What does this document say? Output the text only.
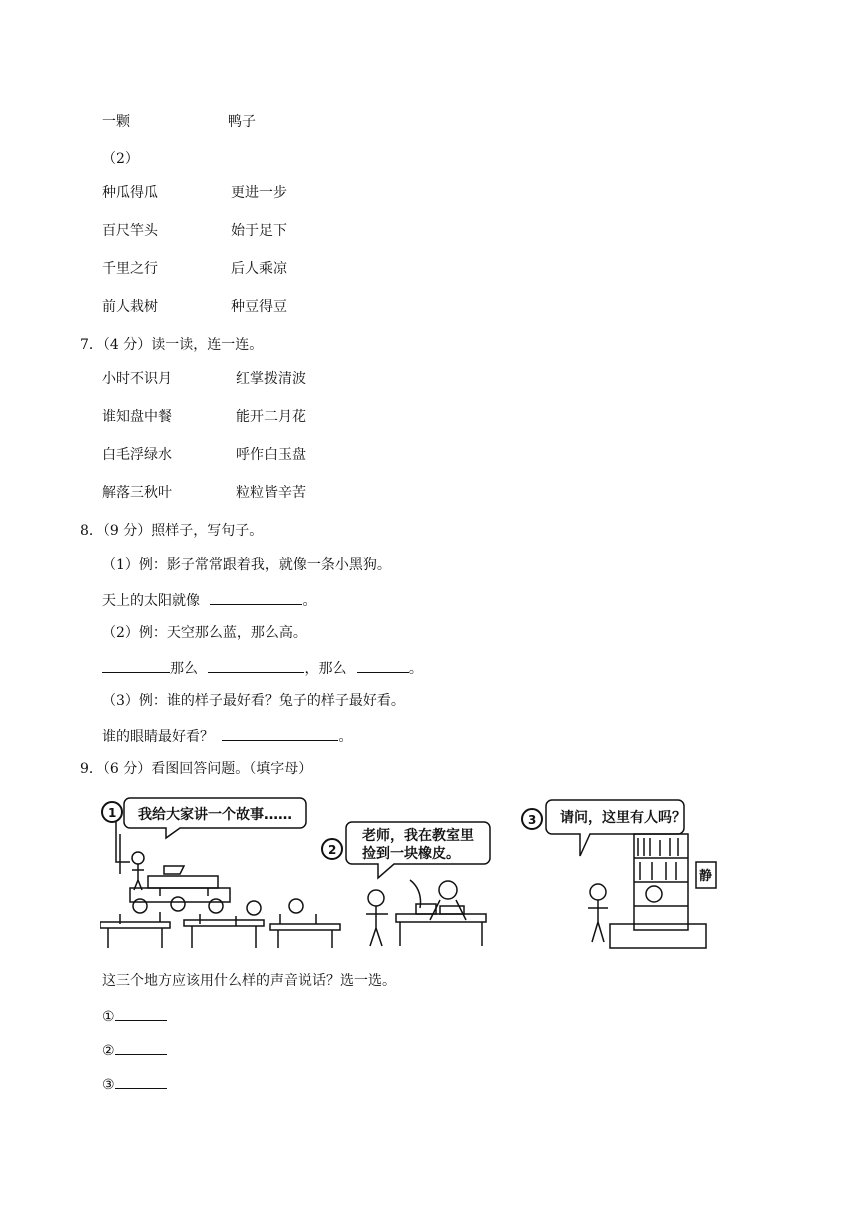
一颗	鸭子
（2）
种瓜得瓜	更进一步
百尺竿头	始于足下
千里之行	后人乘凉
前人栽树	种豆得豆
7．（4 分）读一读，连一连。
小时不识月	红掌拨清波
谁知盘中餐	能开二月花
白毛浮绿水	呼作白玉盘
解落三秋叶	粒粒皆辛苦
8．（9 分）照样子，写句子。
（1）例：影子常常跟着我，就像一条小黑狗。
天上的太阳就像	。
（2）例：天空那么蓝，那么高。
那么	，那么	。
（3）例：谁的样子最好看？兔子的样子最好看。
谁的眼睛最好看？	。
9．（6 分）看图回答问题。（填字母）
我给大家讲一个故事……
老师，我在教室里
捡到一块橡皮。
请问，这里有人吗？
静
1
2
3
这三个地方应该用什么样的声音说话？选一选。
①
②
③
